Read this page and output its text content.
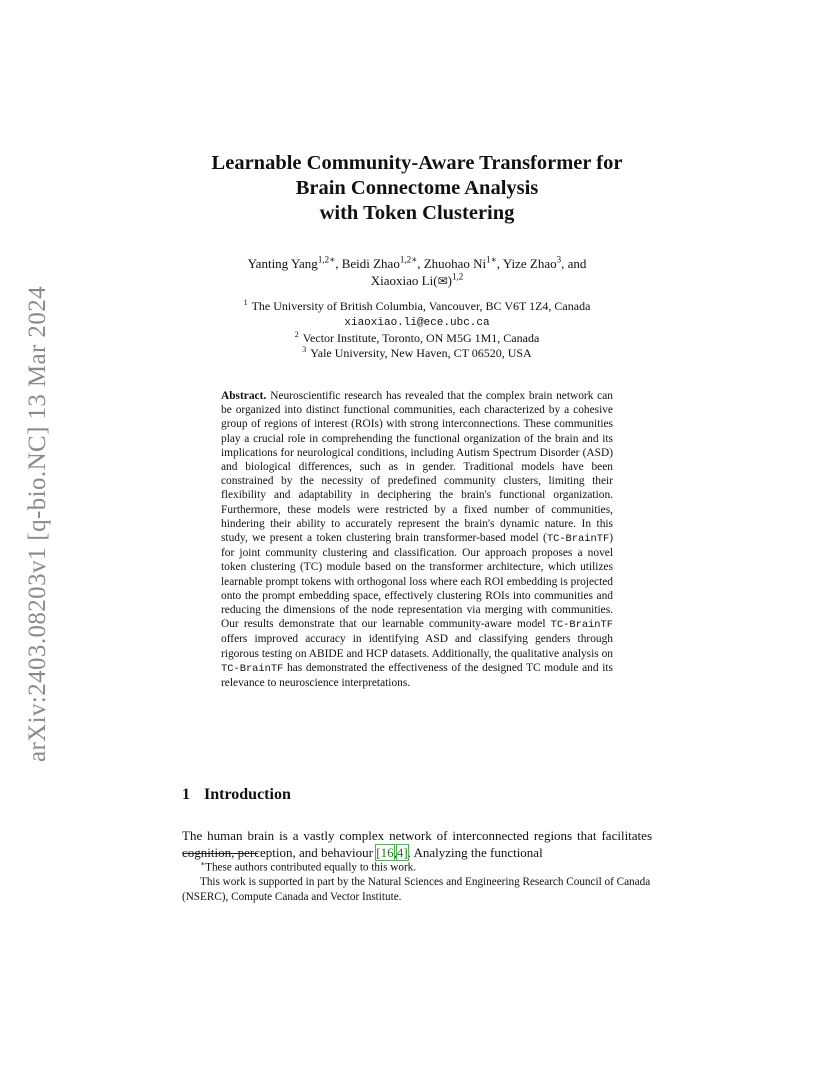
arXiv:2403.08203v1 [q-bio.NC] 13 Mar 2024
Learnable Community-Aware Transformer for
Brain Connectome Analysis
with Token Clustering
Yanting Yang$^{1,2∗}$, Beidi Zhao$^{1,2∗}$, Zhuohao $Ni^{1∗}$, Yize Zhao$^3$, and
Xiaoxiao Li(✉)$^{1,2}$
$^1$ The University of British Columbia, Vancouver, BC V6T 1Z4, Canada
xiaoxiao.li@ece.ubc.ca
$^2$ Vector Institute, Toronto, ON M5G 1M1, Canada
$^3$ Yale University, New Haven, CT 06520, USA
Abstract. Neuroscientific research has revealed that the complex brain network can be organized into distinct functional communities, each characterized by a cohesive group of regions of interest (ROIs) with strong interconnections. These communities play a crucial role in comprehending the functional organization of the brain and its implications for neurological conditions, including Autism Spectrum Disorder (ASD) and biological differences, such as in gender. Traditional models have been constrained by the necessity of predefined community clusters, limiting their flexibility and adaptability in deciphering the brain's functional organization. Furthermore, these models were restricted by a fixed number of communities, hindering their ability to accurately represent the brain's dynamic nature. In this study, we present a token clustering brain transformer-based model (TC-BrainTF) for joint community clustering and classification. Our approach proposes a novel token clustering (TC) module based on the transformer architecture, which utilizes learnable prompt tokens with orthogonal loss where each ROI embedding is projected onto the prompt embedding space, effectively clustering ROIs into communities and reducing the dimensions of the node representation via merging with communities. Our results demonstrate that our learnable community-aware model TC-BrainTF offers improved accuracy in identifying ASD and classifying genders through rigorous testing on ABIDE and HCP datasets. Additionally, the qualitative analysis on TC-BrainTF has demonstrated the effectiveness of the designed TC module and its relevance to neuroscience interpretations.
1 Introduction
The human brain is a vastly complex network of interconnected regions that facilitates cognition, perception, and behaviour [16,4]. Analyzing the functional

∗These authors contributed equally to this work.

This work is supported in part by the Natural Sciences and Engineering Research Council of Canada (NSERC), Compute Canada and Vector Institute.
